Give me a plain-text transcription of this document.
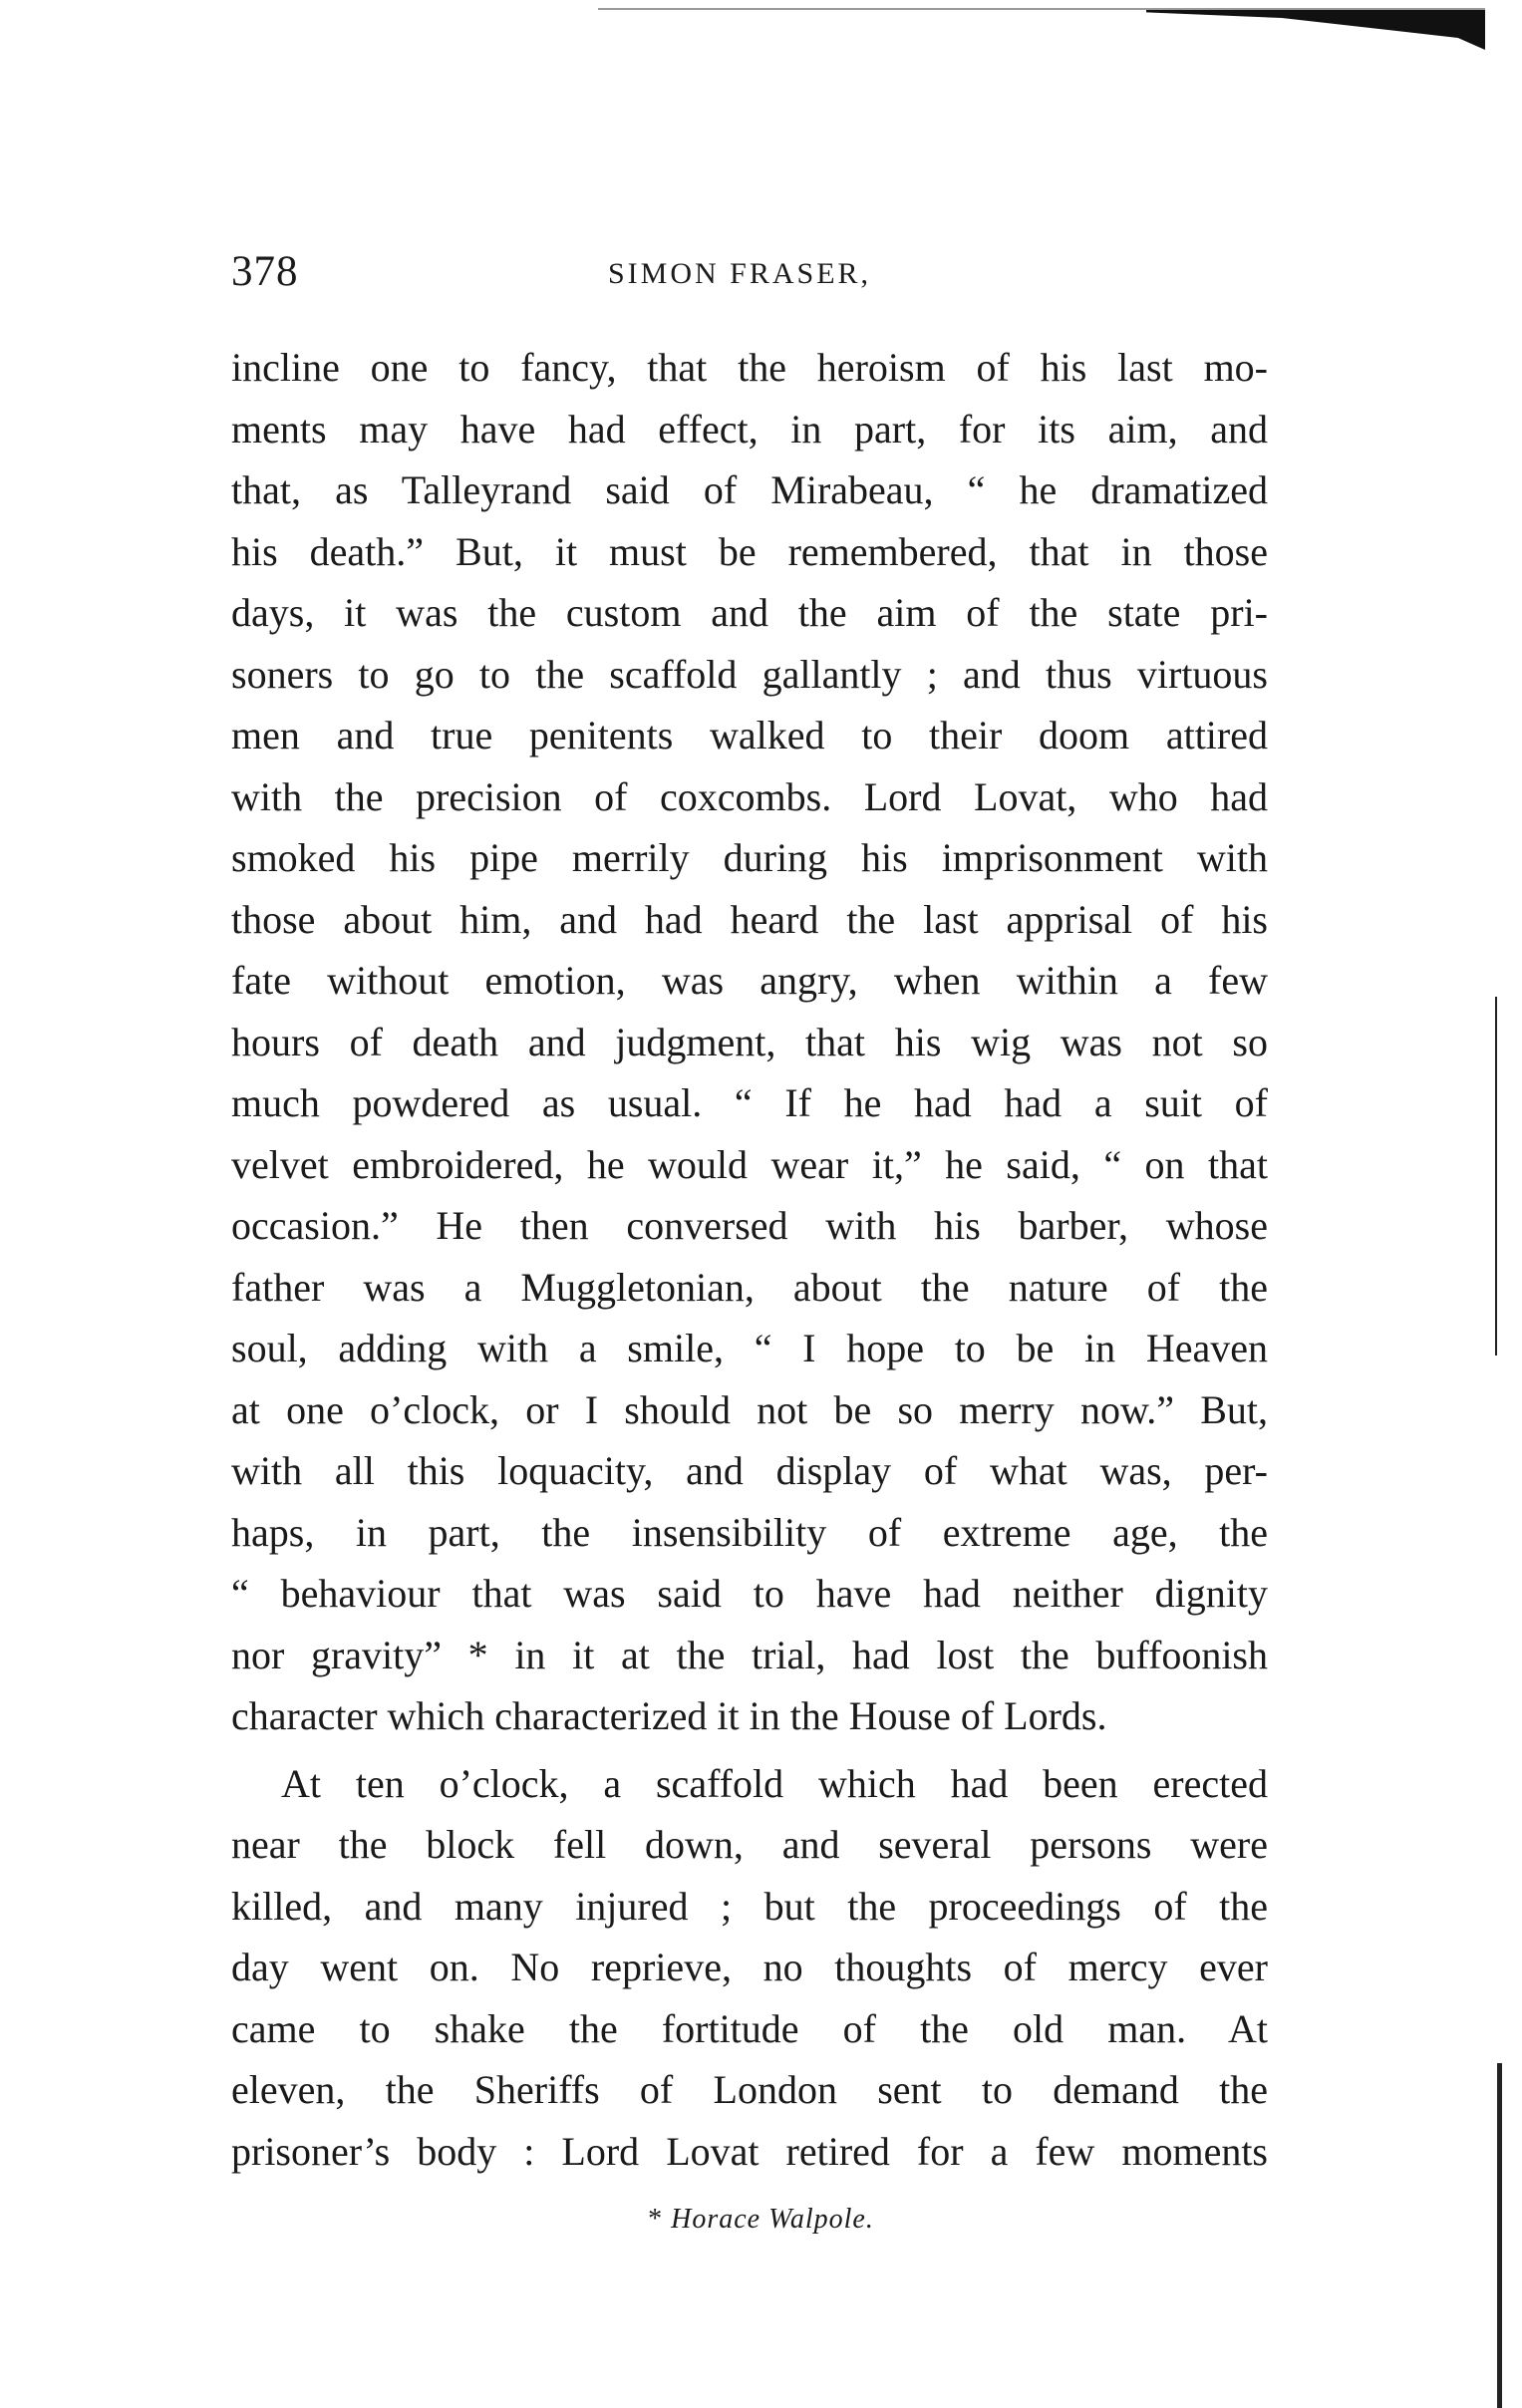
378	SIMON FRASER,
incline one to fancy, that the heroism of his last mo-
ments may have had effect, in part, for its aim, and
that, as Talleyrand said of Mirabeau, “ he dramatized
his death.” But, it must be remembered, that in those
days, it was the custom and the aim of the state pri-
soners to go to the scaffold gallantly ; and thus virtuous
men and true penitents walked to their doom attired
with the precision of coxcombs. Lord Lovat, who had
smoked his pipe merrily during his imprisonment with
those about him, and had heard the last apprisal of his
fate without emotion, was angry, when within a few
hours of death and judgment, that his wig was not so
much powdered as usual. “ If he had had a suit of
velvet embroidered, he would wear it,” he said, “ on that
occasion.” He then conversed with his barber, whose
father was a Muggletonian, about the nature of the
soul, adding with a smile, “ I hope to be in Heaven
at one o’clock, or I should not be so merry now.” But,
with all this loquacity, and display of what was, per-
haps, in part, the insensibility of extreme age, the
“ behaviour that was said to have had neither dignity
nor gravity” * in it at the trial, had lost the buffoonish
character which characterized it in the House of Lords.
At ten o’clock, a scaffold which had been erected
near the block fell down, and several persons were
killed, and many injured ; but the proceedings of the
day went on. No reprieve, no thoughts of mercy ever
came to shake the fortitude of the old man. At
eleven, the Sheriffs of London sent to demand the
prisoner’s body : Lord Lovat retired for a few moments
* Horace Walpole.
